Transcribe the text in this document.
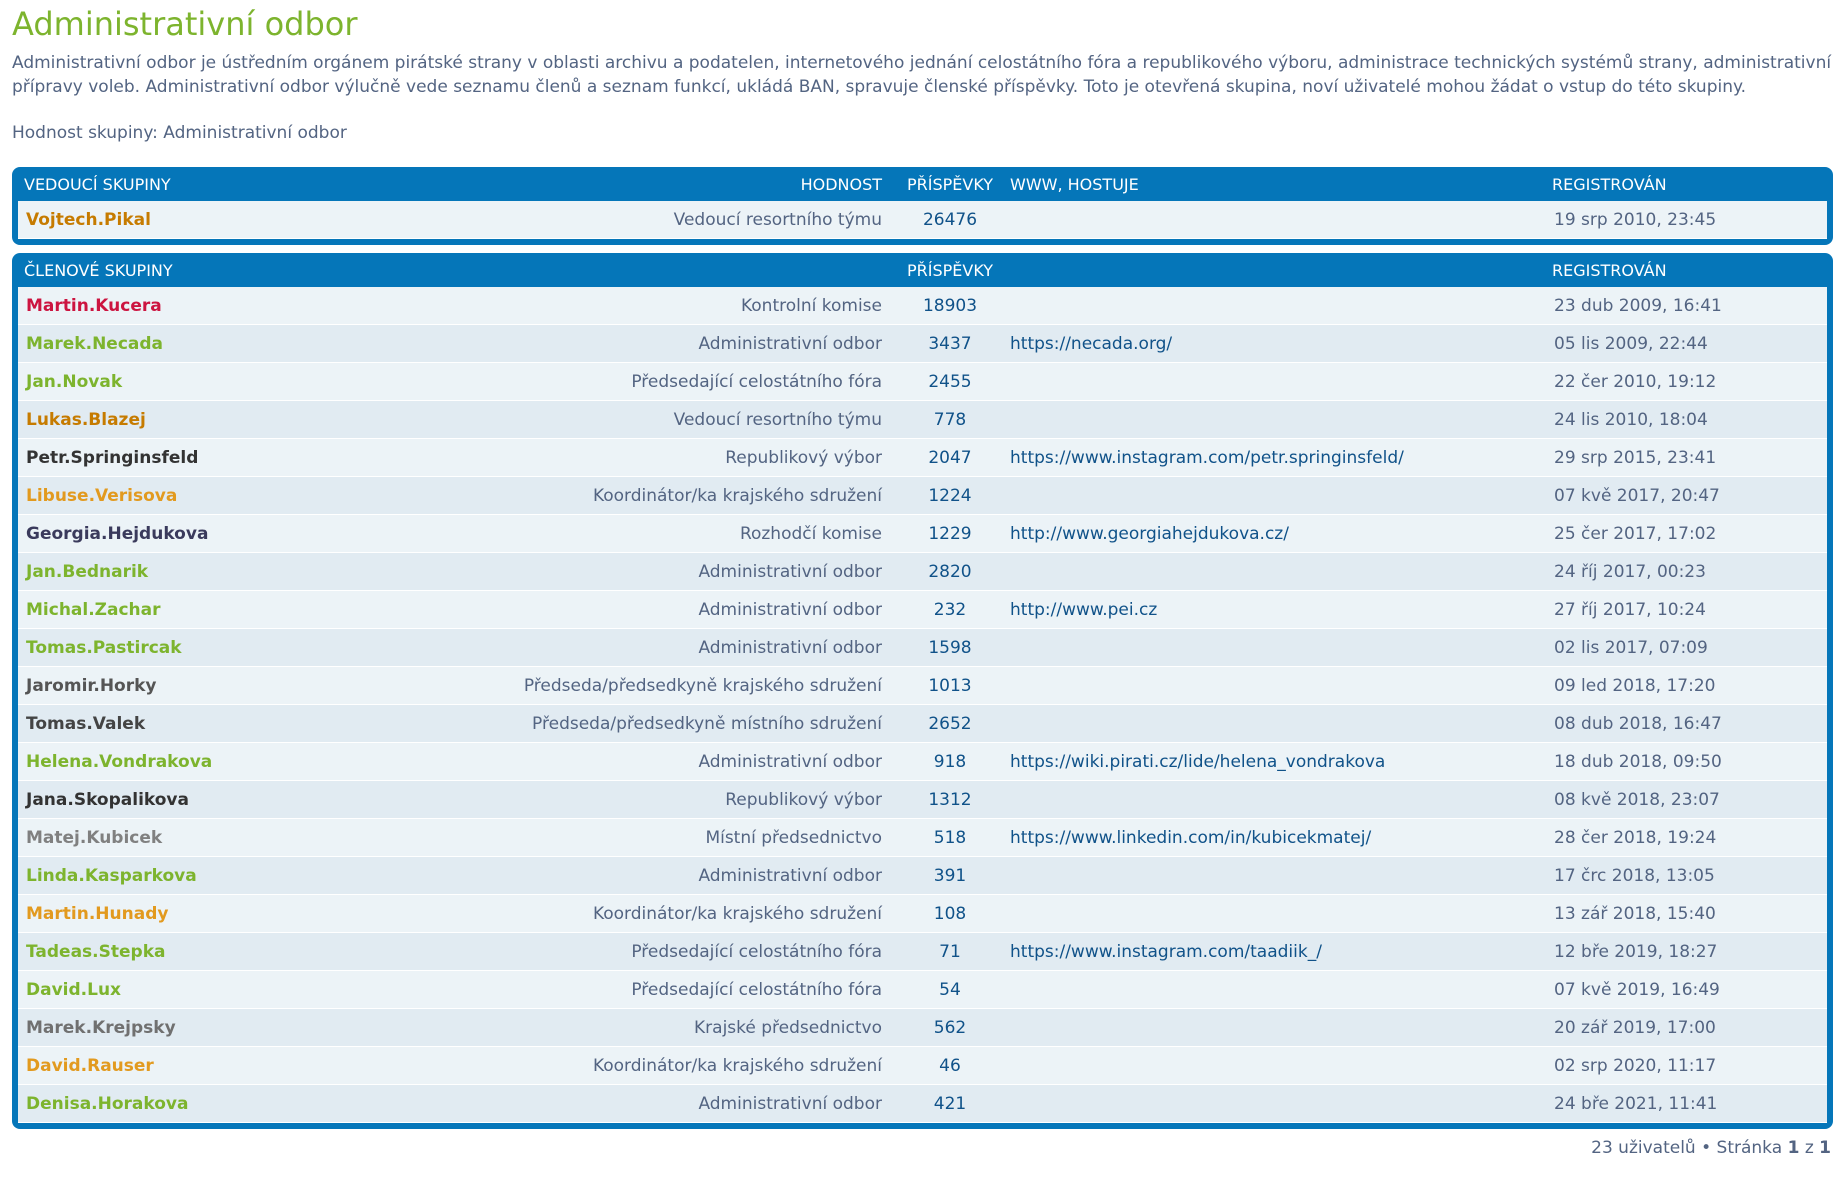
Administrativní odbor

Administrativní odbor je ústředním orgánem pirátské strany v oblasti archivu a podatelen, internetového jednání celostátního fóra a republikového výboru, administrace technických systémů strany, administrativní přípravy voleb. Administrativní odbor výlučně vede seznamu členů a seznam funkcí, ukládá BAN, spravuje členské příspěvky. Toto je otevřená skupina, noví uživatelé mohou žádat o vstup do této skupiny.

Hodnost skupiny: Administrativní odbor

VEDOUCÍ SKUPINY	HODNOST	PŘÍSPĚVKY	WWW, HOSTUJE	REGISTROVÁN
Vojtech.Pikal	Vedoucí resortního týmu	26476		19 srp 2010, 23:45
ČLENOVÉ SKUPINY		PŘÍSPĚVKY		REGISTROVÁN
Martin.Kucera	Kontrolní komise	18903		23 dub 2009, 16:41
Marek.Necada	Administrativní odbor	3437	https://necada.org/	05 lis 2009, 22:44
Jan.Novak	Předsedající celostátního fóra	2455		22 čer 2010, 19:12
Lukas.Blazej	Vedoucí resortního týmu	778		24 lis 2010, 18:04
Petr.Springinsfeld	Republikový výbor	2047	https://www.instagram.com/petr.springinsfeld/	29 srp 2015, 23:41
Libuse.Verisova	Koordinátor/ka krajského sdružení	1224		07 kvě 2017, 20:47
Georgia.Hejdukova	Rozhodčí komise	1229	http://www.georgiahejdukova.cz/	25 čer 2017, 17:02
Jan.Bednarik	Administrativní odbor	2820		24 říj 2017, 00:23
Michal.Zachar	Administrativní odbor	232	http://www.pei.cz	27 říj 2017, 10:24
Tomas.Pastircak	Administrativní odbor	1598		02 lis 2017, 07:09
Jaromir.Horky	Předseda/předsedkyně krajského sdružení	1013		09 led 2018, 17:20
Tomas.Valek	Předseda/předsedkyně místního sdružení	2652		08 dub 2018, 16:47
Helena.Vondrakova	Administrativní odbor	918	https://wiki.pirati.cz/lide/helena_vondrakova	18 dub 2018, 09:50
Jana.Skopalikova	Republikový výbor	1312		08 kvě 2018, 23:07
Matej.Kubicek	Místní předsednictvo	518	https://www.linkedin.com/in/kubicekmatej/	28 čer 2018, 19:24
Linda.Kasparkova	Administrativní odbor	391		17 črc 2018, 13:05
Martin.Hunady	Koordinátor/ka krajského sdružení	108		13 zář 2018, 15:40
Tadeas.Stepka	Předsedající celostátního fóra	71	https://www.instagram.com/taadiik_/	12 bře 2019, 18:27
David.Lux	Předsedající celostátního fóra	54		07 kvě 2019, 16:49
Marek.Krejpsky	Krajské předsednictvo	562		20 zář 2019, 17:00
David.Rauser	Koordinátor/ka krajského sdružení	46		02 srp 2020, 11:17
Denisa.Horakova	Administrativní odbor	421		24 bře 2021, 11:41
23 uživatelů • Stránka 1 z 1
